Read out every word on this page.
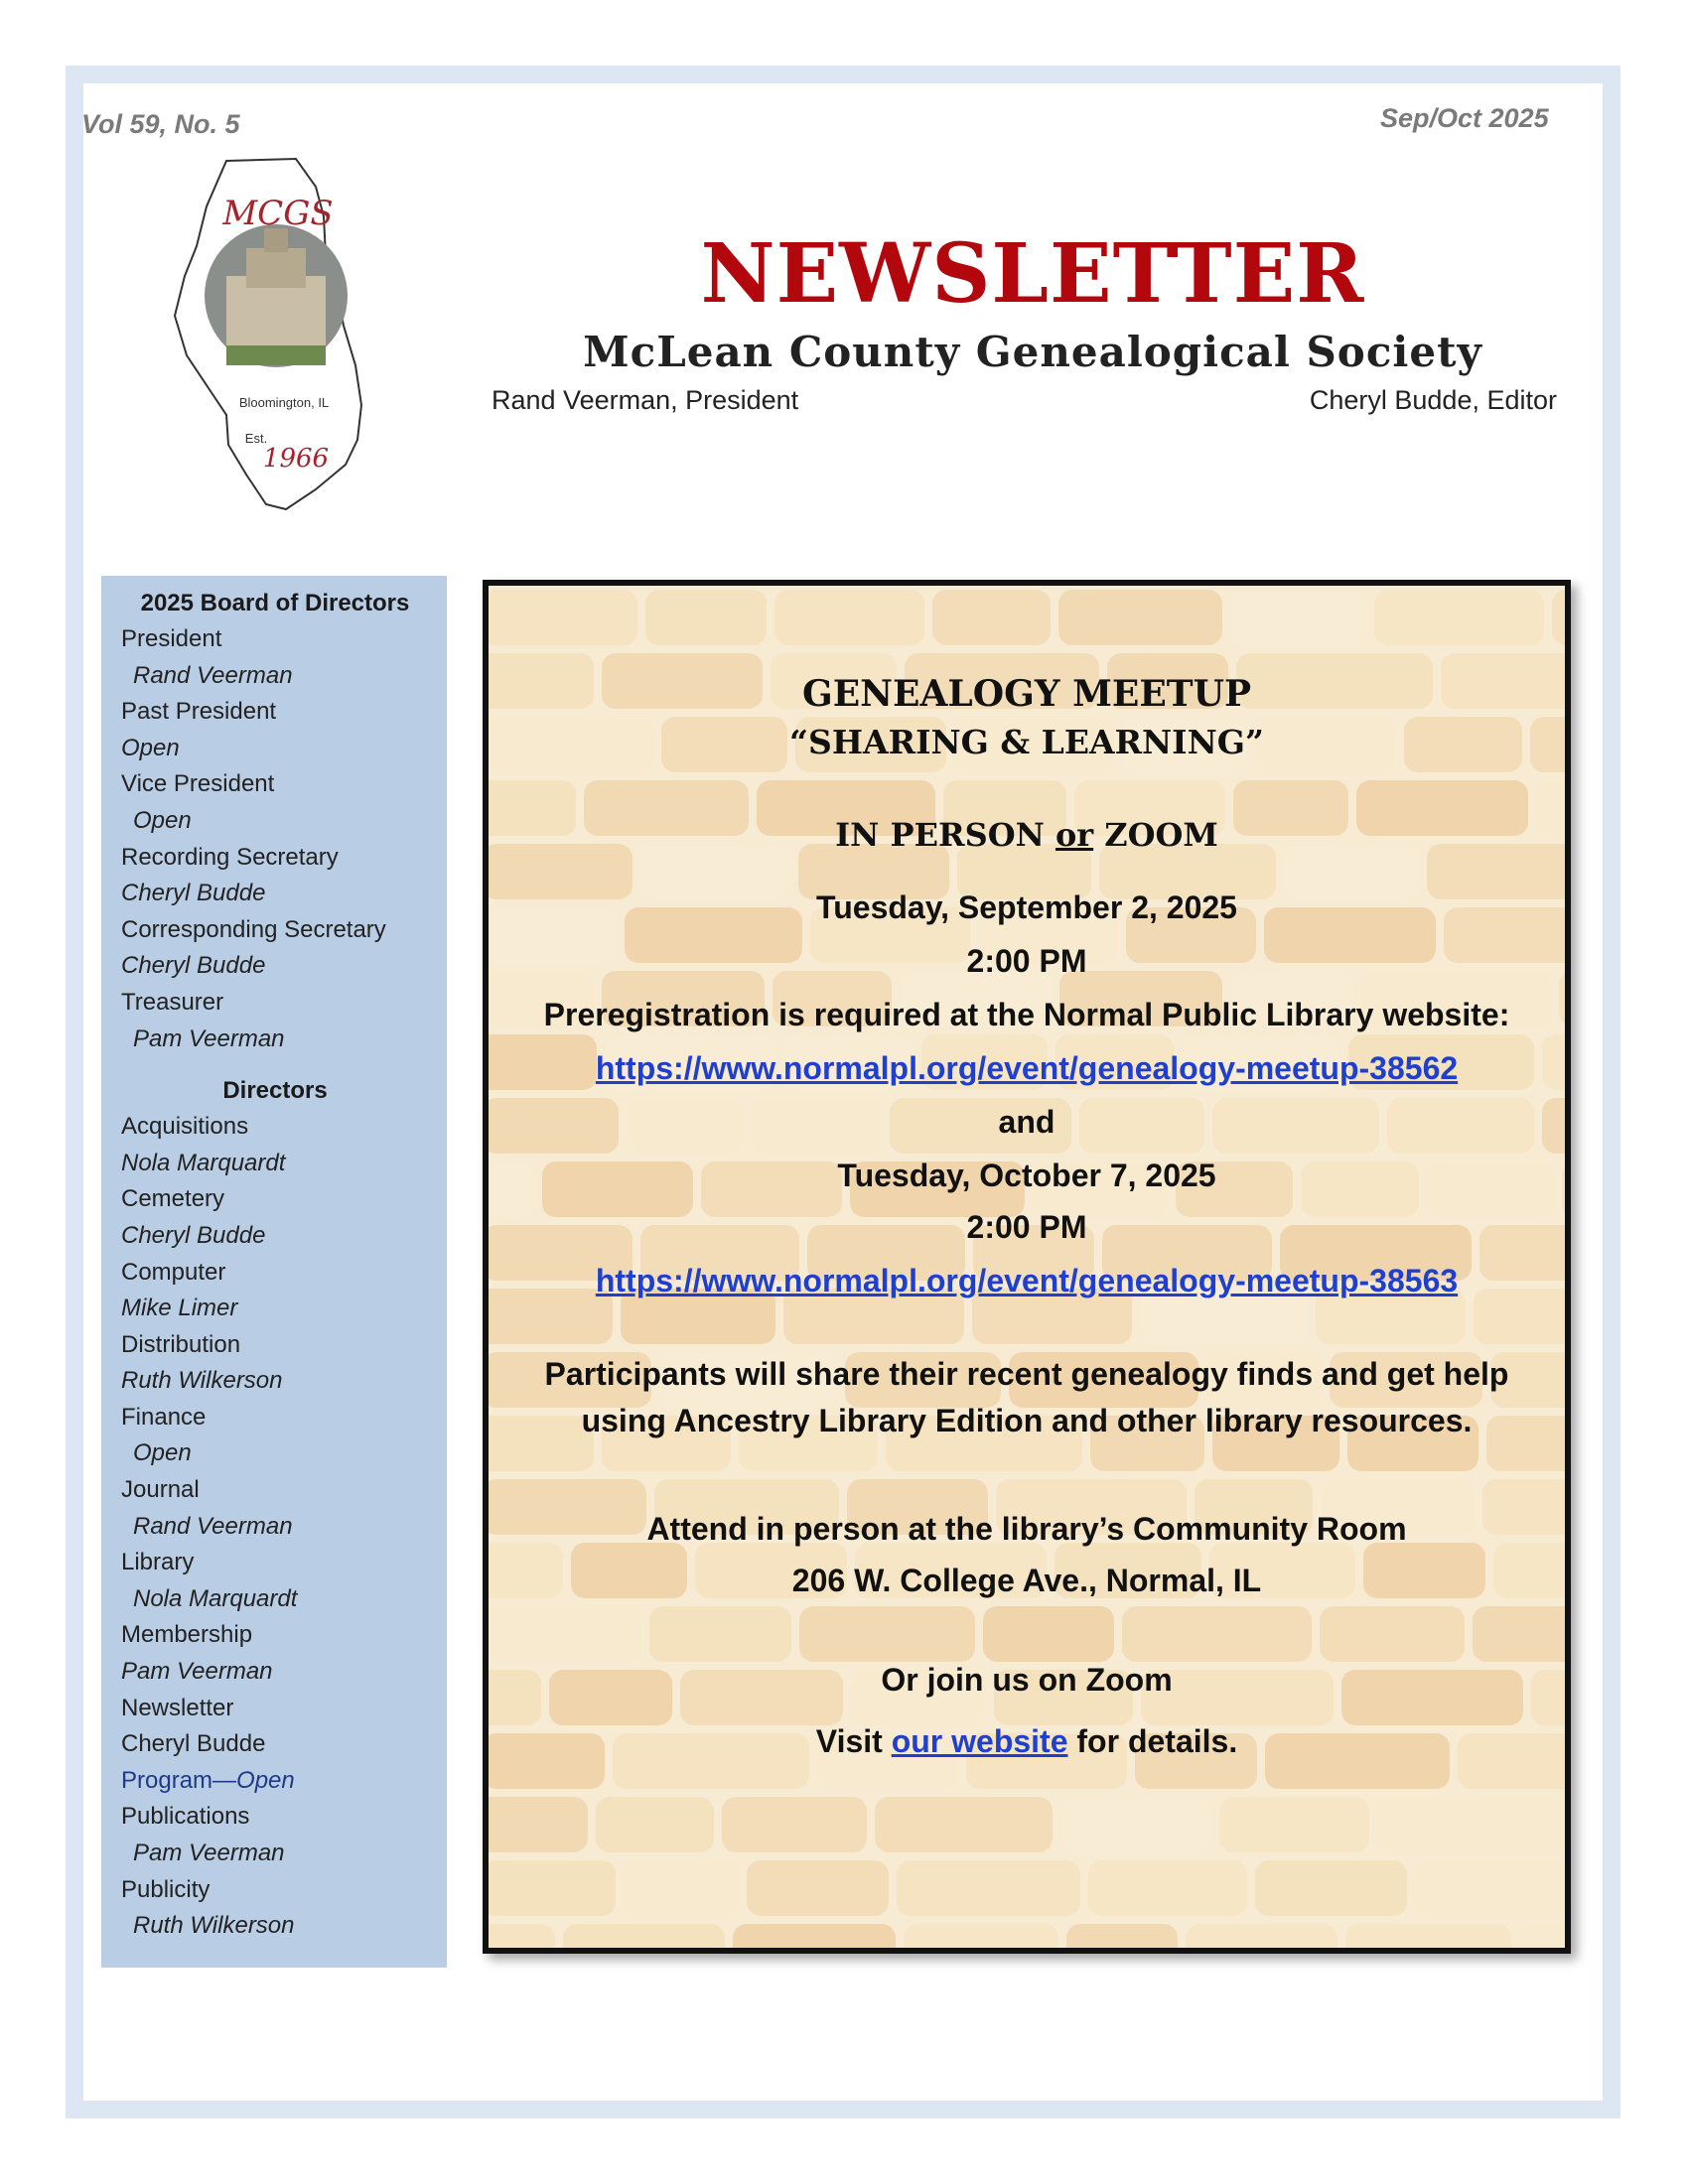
Vol 59, No. 5	Sep/Oct 2025
MCGS
Bloomington, IL
Est.
1966
NEWSLETTER
McLean County Genealogical Society
Rand Veerman, President	Cheryl Budde, Editor
2025 Board of Directors
President
Rand Veerman
Past President
Open
Vice President
Open
Recording Secretary
Cheryl Budde
Corresponding Secretary
Cheryl Budde
Treasurer
Pam Veerman
Directors
Acquisitions
Nola Marquardt
Cemetery
Cheryl Budde
Computer
Mike Limer
Distribution
Ruth Wilkerson
Finance
Open
Journal
Rand Veerman
Library
Nola Marquardt
Membership
Pam Veerman
Newsletter
Cheryl Budde
Program—Open
Publications
Pam Veerman
Publicity
Ruth Wilkerson
GENEALOGY MEETUP
“SHARING & LEARNING”
IN PERSON or ZOOM
Tuesday, September 2, 2025
2:00 PM
Preregistration is required at the Normal Public Library website:
https://www.normalpl.org/event/genealogy-meetup-38562
and
Tuesday, October 7, 2025
2:00 PM
https://www.normalpl.org/event/genealogy-meetup-38563
Participants will share their recent genealogy finds and get help
using Ancestry Library Edition and other library resources.
Attend in person at the library’s Community Room
206 W. College Ave., Normal, IL
Or join us on Zoom
Visit our website for details.
